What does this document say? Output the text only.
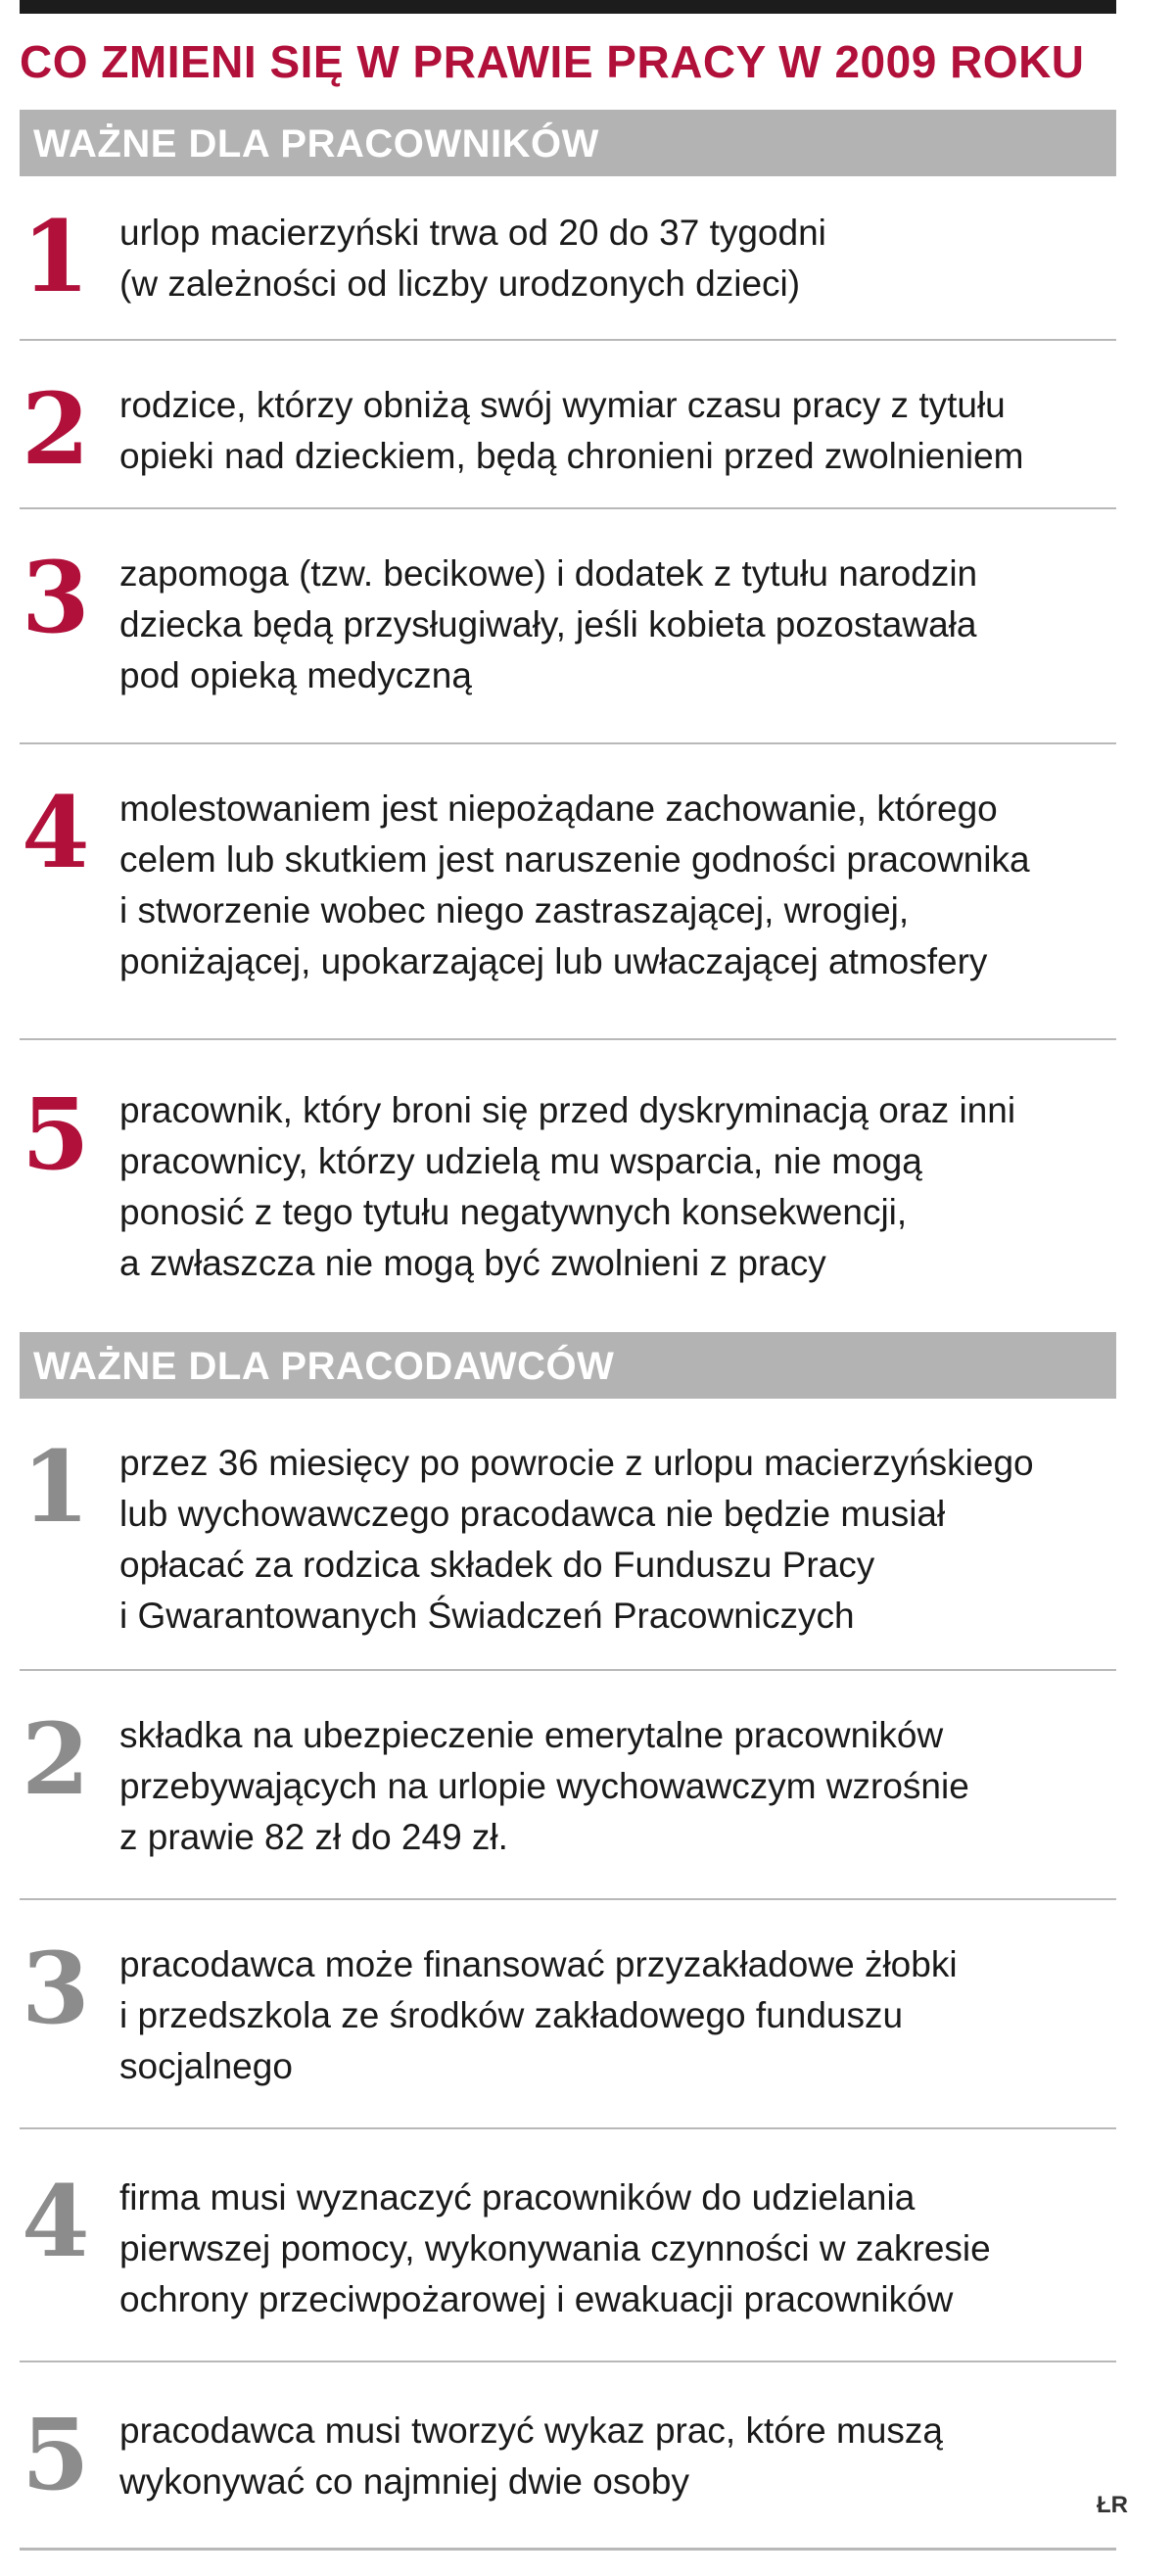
CO ZMIENI SIĘ W PRAWIE PRACY W 2009 ROKU
WAŻNE DLA PRACOWNIKÓW
1 urlop macierzyński trwa od 20 do 37 tygodni
(w zależności od liczby urodzonych dzieci)
2 rodzice, którzy obniżą swój wymiar czasu pracy z tytułu
opieki nad dzieckiem, będą chronieni przed zwolnieniem
3 zapomoga (tzw. becikowe) i dodatek z tytułu narodzin
dziecka będą przysługiwały, jeśli kobieta pozostawała
pod opieką medyczną
4 molestowaniem jest niepożądane zachowanie, którego
celem lub skutkiem jest naruszenie godności pracownika
i stworzenie wobec niego zastraszającej, wrogiej,
poniżającej, upokarzającej lub uwłaczającej atmosfery
5 pracownik, który broni się przed dyskryminacją oraz inni
pracownicy, którzy udzielą mu wsparcia, nie mogą
ponosić z tego tytułu negatywnych konsekwencji,
a zwłaszcza nie mogą być zwolnieni z pracy
WAŻNE DLA PRACODAWCÓW
1 przez 36 miesięcy po powrocie z urlopu macierzyńskiego
lub wychowawczego pracodawca nie będzie musiał
opłacać za rodzica składek do Funduszu Pracy
i Gwarantowanych Świadczeń Pracowniczych
2 składka na ubezpieczenie emerytalne pracowników
przebywających na urlopie wychowawczym wzrośnie
z prawie 82 zł do 249 zł.
3 pracodawca może finansować przyzakładowe żłobki
i przedszkola ze środków zakładowego funduszu
socjalnego
4 firma musi wyznaczyć pracowników do udzielania
pierwszej pomocy, wykonywania czynności w zakresie
ochrony przeciwpożarowej i ewakuacji pracowników
5 pracodawca musi tworzyć wykaz prac, które muszą
wykonywać co najmniej dwie osoby
ŁR
